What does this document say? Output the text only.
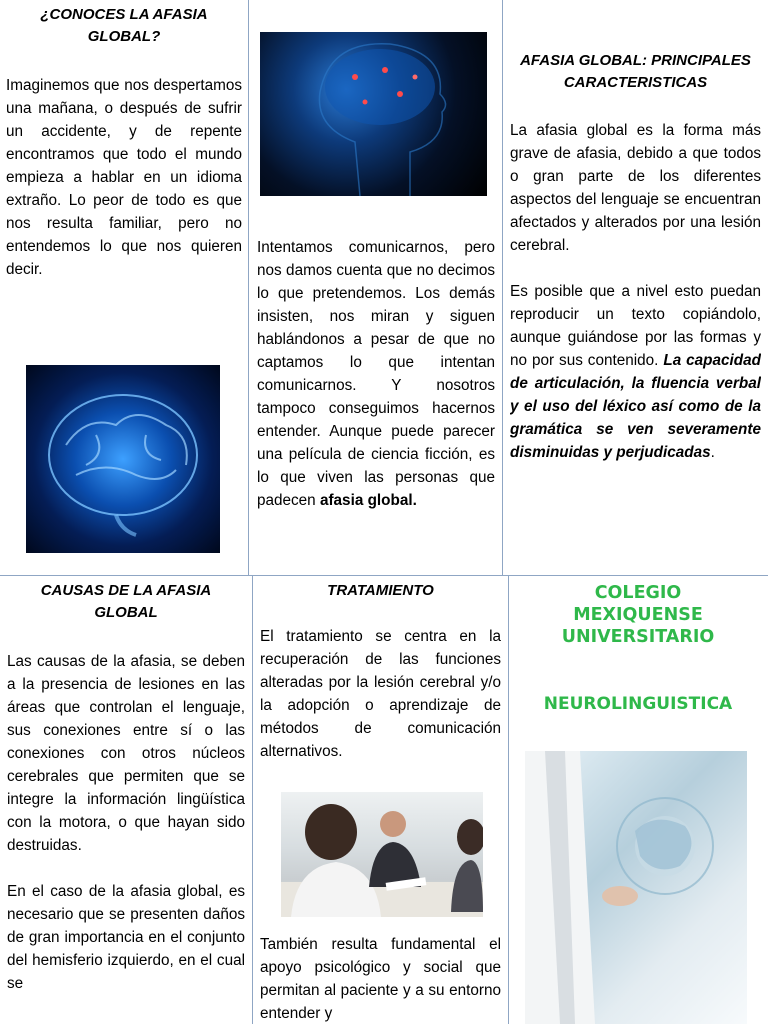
¿CONOCES LA AFASIA
GLOBAL?

Imaginemos que nos despertamos una mañana, o después de sufrir un accidente, y de repente encontramos que todo el mundo empieza a hablar en un idioma extraño. Lo peor de todo es que nos resulta familiar, pero no entendemos lo que nos quieren decir.

Intentamos comunicarnos, pero nos damos cuenta que no decimos lo que pretendemos. Los demás insisten, nos miran y siguen hablándonos a pesar de que no captamos lo que intentan comunicarnos. Y nosotros tampoco conseguimos hacernos entender. Aunque puede parecer una película de ciencia ficción, es lo que viven las personas que padecen afasia global.

AFASIA GLOBAL: PRINCIPALES
CARACTERISTICAS

La afasia global es la forma más grave de afasia, debido a que todos o gran parte de los diferentes aspectos del lenguaje se encuentran afectados y alterados por una lesión cerebral.

Es posible que a nivel esto puedan reproducir un texto copiándolo, aunque guiándose por las formas y no por sus contenido. La capacidad de articulación, la fluencia verbal y el uso del léxico así como de la gramática se ven severamente disminuidas y perjudicadas.

CAUSAS DE LA AFASIA
GLOBAL

Las causas de la afasia, se deben a la presencia de lesiones en las áreas que controlan el lenguaje, sus conexiones entre sí o las conexiones con otros núcleos cerebrales que permiten que se integre la información lingüística con la motora, o que hayan sido destruidas.

En el caso de la afasia global, es necesario que se presenten daños de gran importancia en el conjunto del hemisferio izquierdo, en el cual se

TRATAMIENTO

El tratamiento se centra en la recuperación de las funciones alteradas por la lesión cerebral y/o la adopción o aprendizaje de métodos de comunicación alternativos.

También resulta fundamental el apoyo psicológico y social que permitan al paciente y a su entorno entender y

COLEGIO
MEXIQUENSE
UNIVERSITARIO
NEUROLINGUISTICA
